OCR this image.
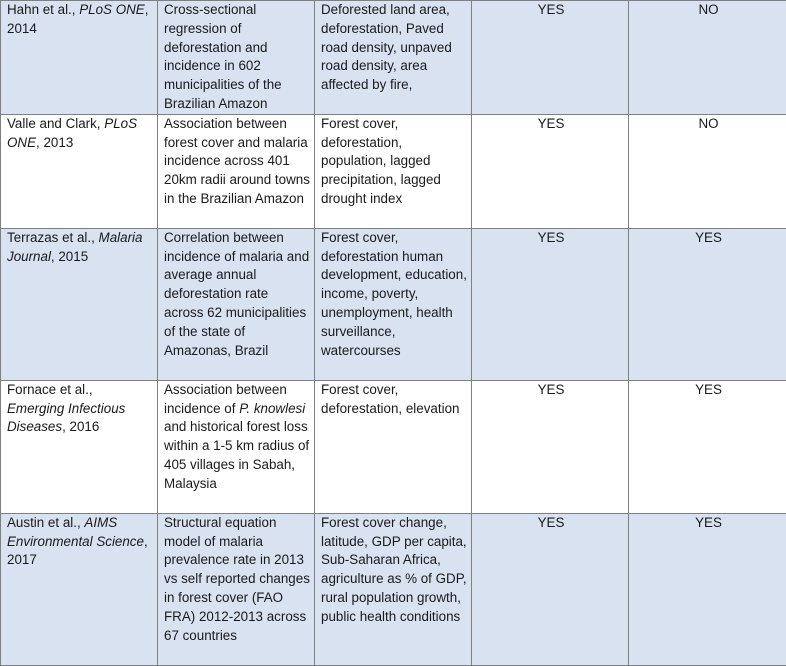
Hahn et al., PLoS ONE, 2014	Cross-sectional regression of deforestation and incidence in 602 municipalities of the Brazilian Amazon	Deforested land area, deforestation, Paved road density, unpaved road density, area affected by fire,	YES	NO
Valle and Clark, PLoS ONE, 2013	Association between forest cover and malaria incidence across 401 20km radii around towns in the Brazilian Amazon	Forest cover, deforestation, population, lagged precipitation, lagged drought index	YES	NO
Terrazas et al., Malaria Journal, 2015	Correlation between incidence of malaria and average annual deforestation rate across 62 municipalities of the state of Amazonas, Brazil	Forest cover, deforestation human development, education, income, poverty, unemployment, health surveillance, watercourses	YES	YES
Fornace et al., Emerging Infectious Diseases, 2016	Association between incidence of P. knowlesi and historical forest loss within a 1-5 km radius of 405 villages in Sabah, Malaysia	Forest cover, deforestation, elevation	YES	YES
Austin et al., AIMS Environmental Science, 2017	Structural equation model of malaria prevalence rate in 2013 vs self reported changes in forest cover (FAO FRA) 2012-2013 across 67 countries	Forest cover change, latitude, GDP per capita, Sub-Saharan Africa, agriculture as % of GDP, rural population growth, public health conditions	YES	YES
